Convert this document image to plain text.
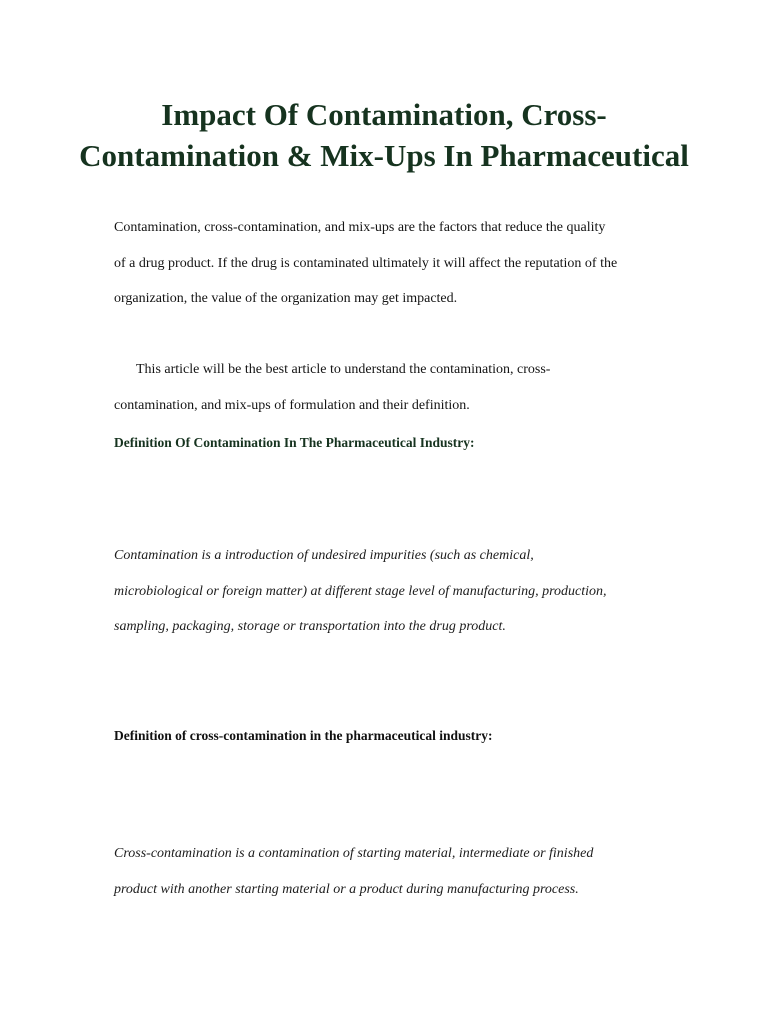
Impact Of Contamination, Cross-
Contamination & Mix-Ups In Pharmaceutical

Contamination, cross-contamination, and mix-ups are the factors that reduce the quality
of a drug product. If the drug is contaminated ultimately it will affect the reputation of the
organization, the value of the organization may get impacted.

This article will be the best article to understand the contamination, cross-
contamination, and mix-ups of formulation and their definition.

Definition Of Contamination In The Pharmaceutical Industry:

Contamination is a introduction of undesired impurities (such as chemical,
microbiological or foreign matter) at different stage level of manufacturing, production,
sampling, packaging, storage or transportation into the drug product.

Definition of cross-contamination in the pharmaceutical industry:

Cross-contamination is a contamination of starting material, intermediate or finished
product with another starting material or a product during manufacturing process.
